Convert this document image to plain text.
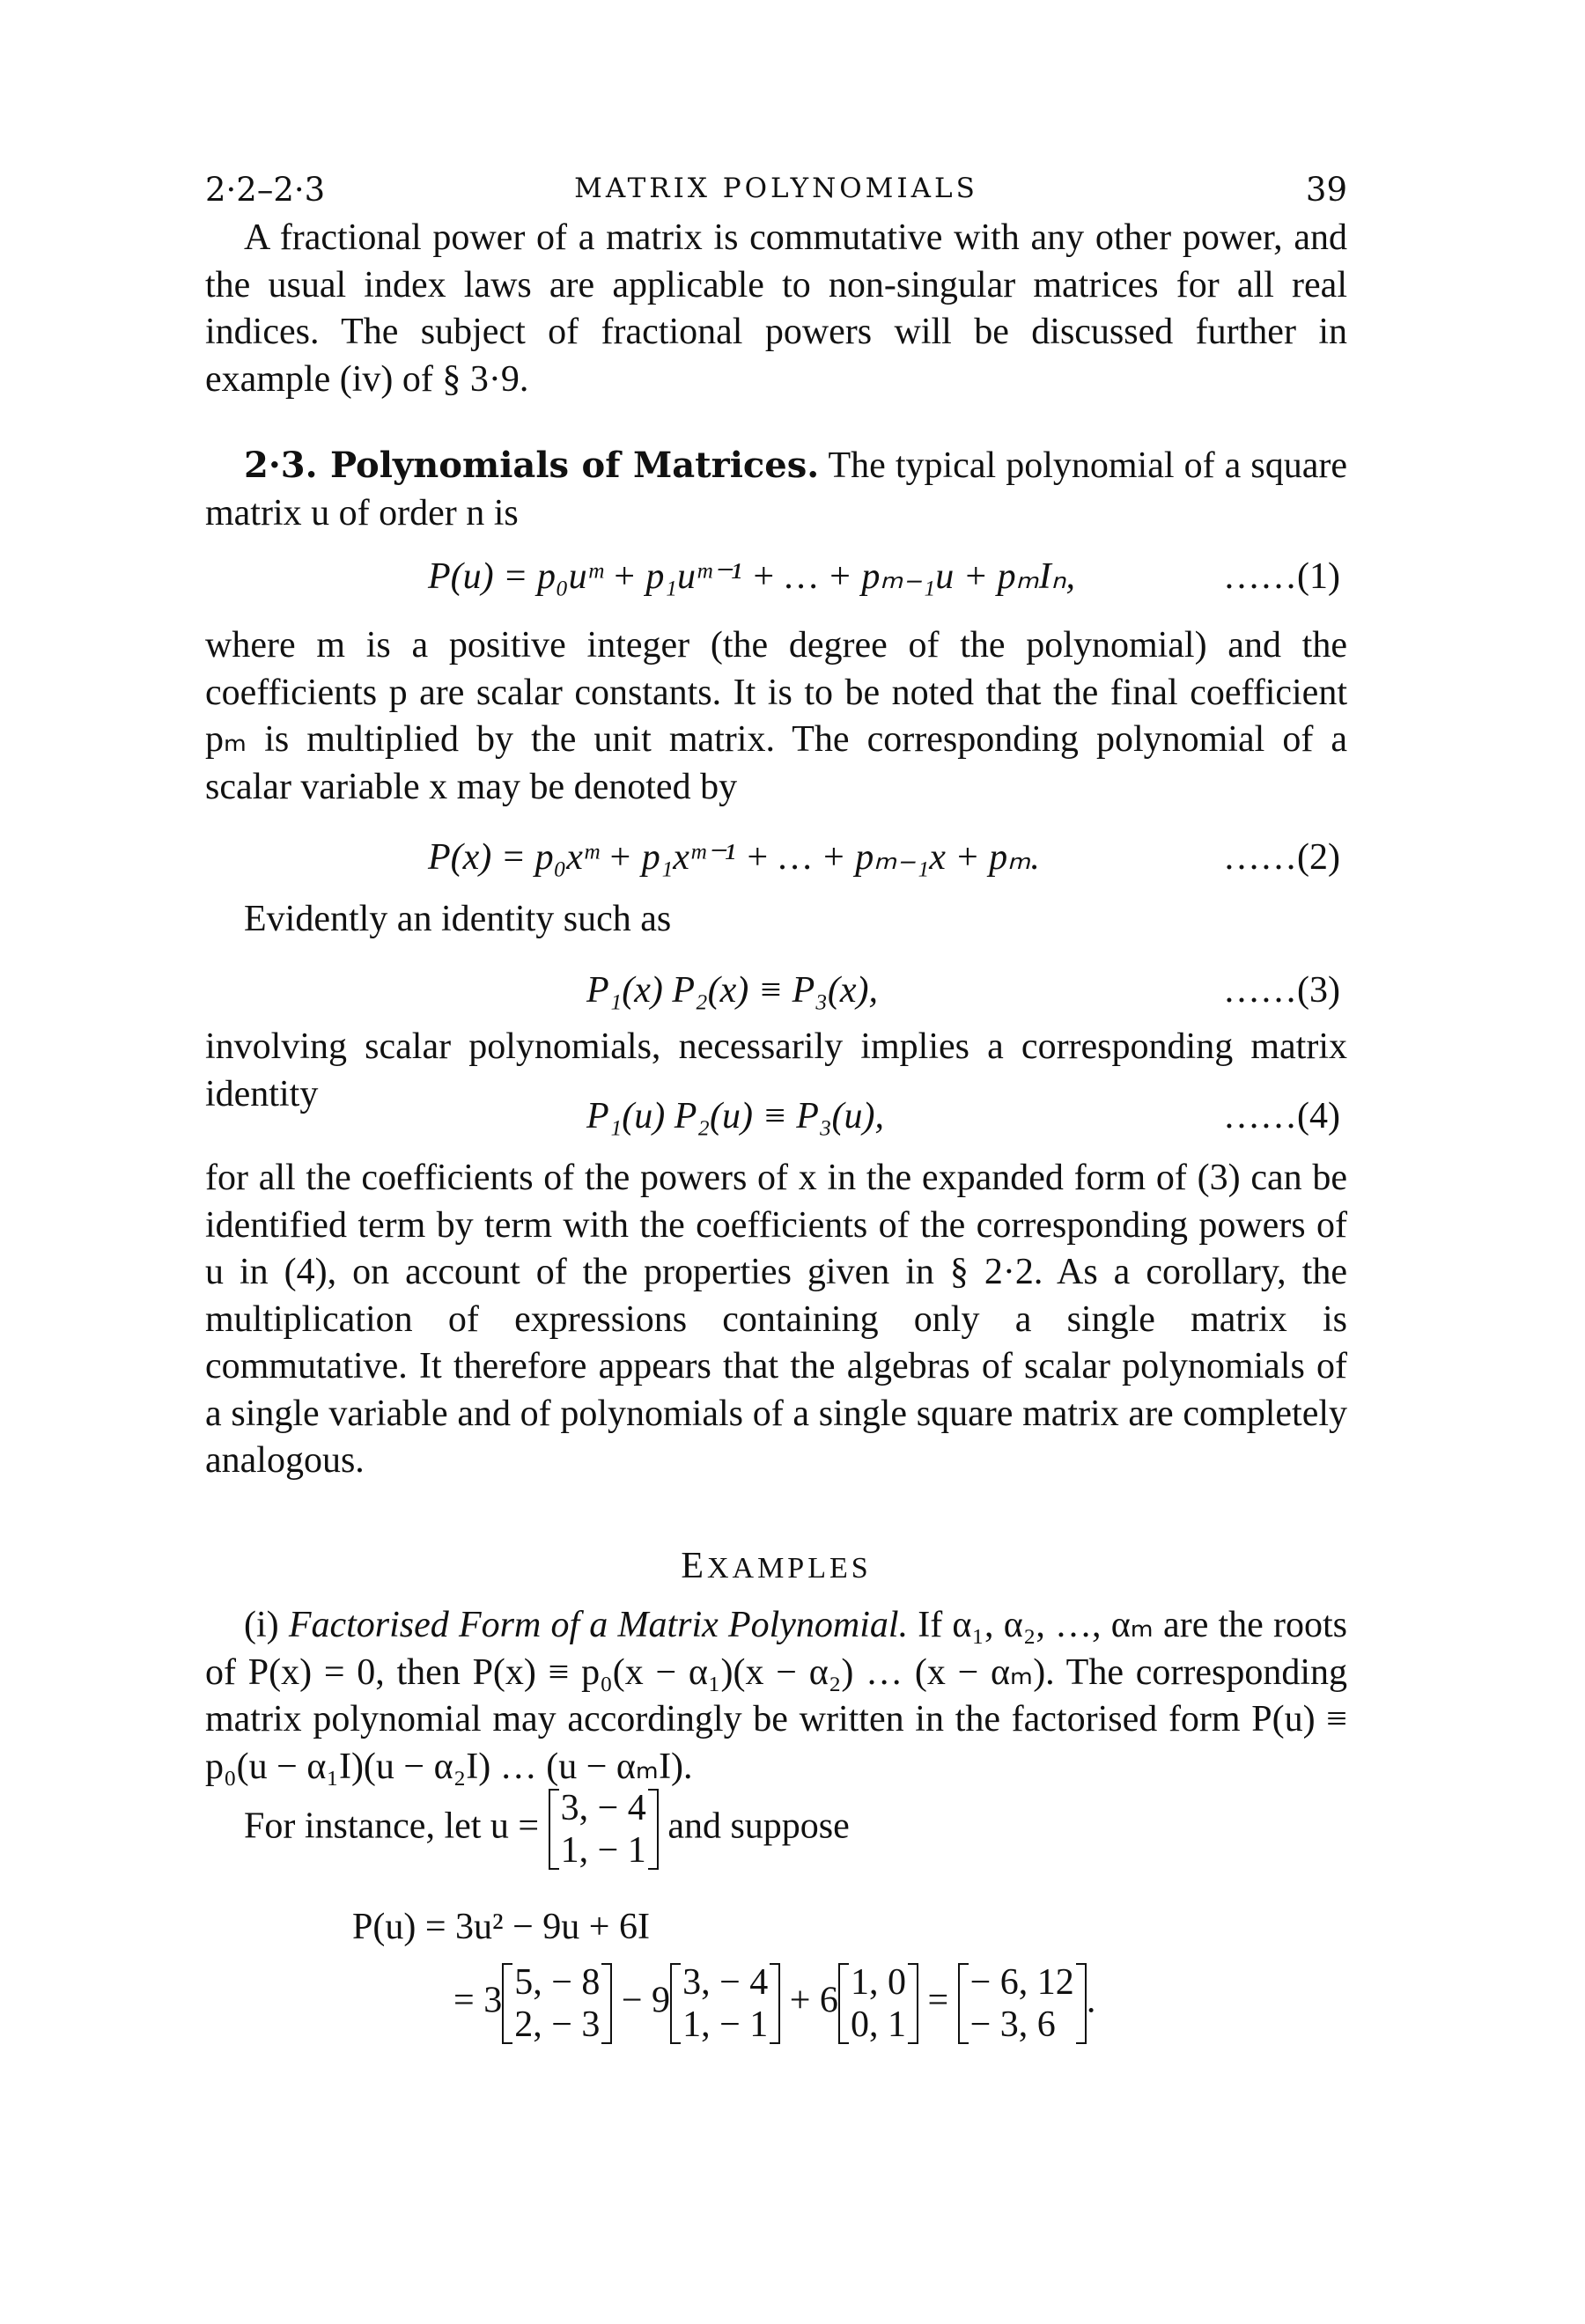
2·2–2·3	MATRIX POLYNOMIALS	39

A fractional power of a matrix is commutative with any other power, and the usual index laws are applicable to non-singular matrices for all real indices. The subject of fractional powers will be discussed further in example (iv) of § 3·9.

2·3. Polynomials of Matrices. The typical polynomial of a square matrix u of order n is

P(u) = p₀uᵐ + p₁uᵐ⁻¹ + … + pₘ₋₁u + pₘIₙ,	……(1)

where m is a positive integer (the degree of the polynomial) and the coefficients p are scalar constants. It is to be noted that the final coefficient pₘ is multiplied by the unit matrix. The corresponding polynomial of a scalar variable x may be denoted by

P(x) = p₀xᵐ + p₁xᵐ⁻¹ + … + pₘ₋₁x + pₘ.	……(2)

Evidently an identity such as

P₁(x) P₂(x) ≡ P₃(x),	……(3)

involving scalar polynomials, necessarily implies a corresponding matrix identity

P₁(u) P₂(u) ≡ P₃(u),	……(4)

for all the coefficients of the powers of x in the expanded form of (3) can be identified term by term with the coefficients of the corresponding powers of u in (4), on account of the properties given in § 2·2. As a corollary, the multiplication of expressions containing only a single matrix is commutative. It therefore appears that the algebras of scalar polynomials of a single variable and of polynomials of a single square matrix are completely analogous.

EXAMPLES

(i) Factorised Form of a Matrix Polynomial. If α₁, α₂, …, αₘ are the roots of P(x) = 0, then P(x) ≡ p₀(x − α₁)(x − α₂) … (x − αₘ). The corresponding matrix polynomial may accordingly be written in the factorised form P(u) ≡ p₀(u − α₁I)(u − α₂I) … (u − αₘI).

For instance, let u = 3, − 4
1, − 1
and suppose
P(u) = 3u² − 9u + 6I
= 3 5, − 8
2, − 3
− 9 3, − 4
1, − 1
+ 6 1, 0
0, 1
= − 6, 12
− 3, 6
.
